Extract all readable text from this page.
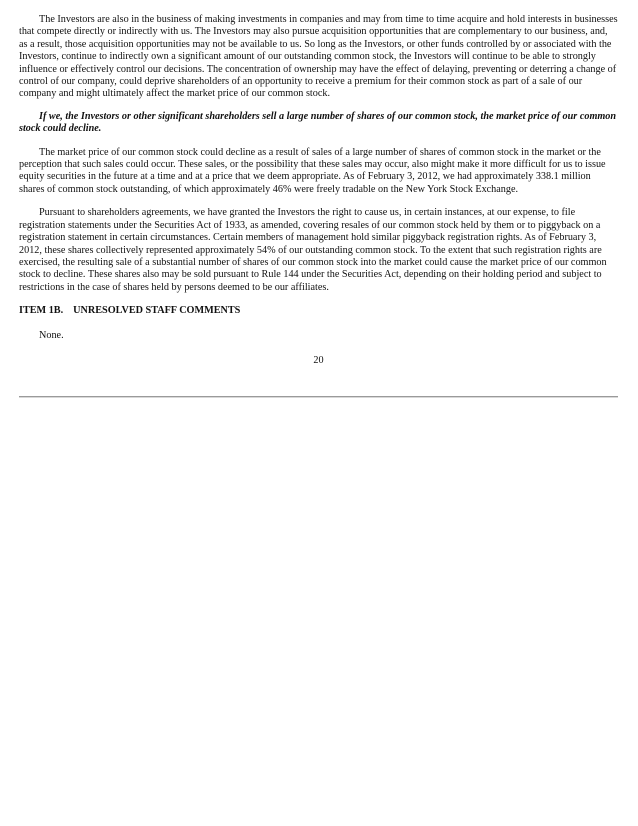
The Investors are also in the business of making investments in companies and may from time to time acquire and hold interests in businesses that compete directly or indirectly with us. The Investors may also pursue acquisition opportunities that are complementary to our business, and, as a result, those acquisition opportunities may not be available to us. So long as the Investors, or other funds controlled by or associated with the Investors, continue to indirectly own a significant amount of our outstanding common stock, the Investors will continue to be able to strongly influence or effectively control our decisions. The concentration of ownership may have the effect of delaying, preventing or deterring a change of control of our company, could deprive shareholders of an opportunity to receive a premium for their common stock as part of a sale of our company and might ultimately affect the market price of our common stock.

If we, the Investors or other significant shareholders sell a large number of shares of our common stock, the market price of our common stock could decline.

The market price of our common stock could decline as a result of sales of a large number of shares of common stock in the market or the perception that such sales could occur. These sales, or the possibility that these sales may occur, also might make it more difficult for us to issue equity securities in the future at a time and at a price that we deem appropriate. As of February 3, 2012, we had approximately 338.1 million shares of common stock outstanding, of which approximately 46% were freely tradable on the New York Stock Exchange.

Pursuant to shareholders agreements, we have granted the Investors the right to cause us, in certain instances, at our expense, to file registration statements under the Securities Act of 1933, as amended, covering resales of our common stock held by them or to piggyback on a registration statement in certain circumstances. Certain members of management hold similar piggyback registration rights. As of February 3, 2012, these shares collectively represented approximately 54% of our outstanding common stock. To the extent that such registration rights are exercised, the resulting sale of a substantial number of shares of our common stock into the market could cause the market price of our common stock to decline. These shares also may be sold pursuant to Rule 144 under the Securities Act, depending on their holding period and subject to restrictions in the case of shares held by persons deemed to be our affiliates.

ITEM 1B. UNRESOLVED STAFF COMMENTS

None.

20
